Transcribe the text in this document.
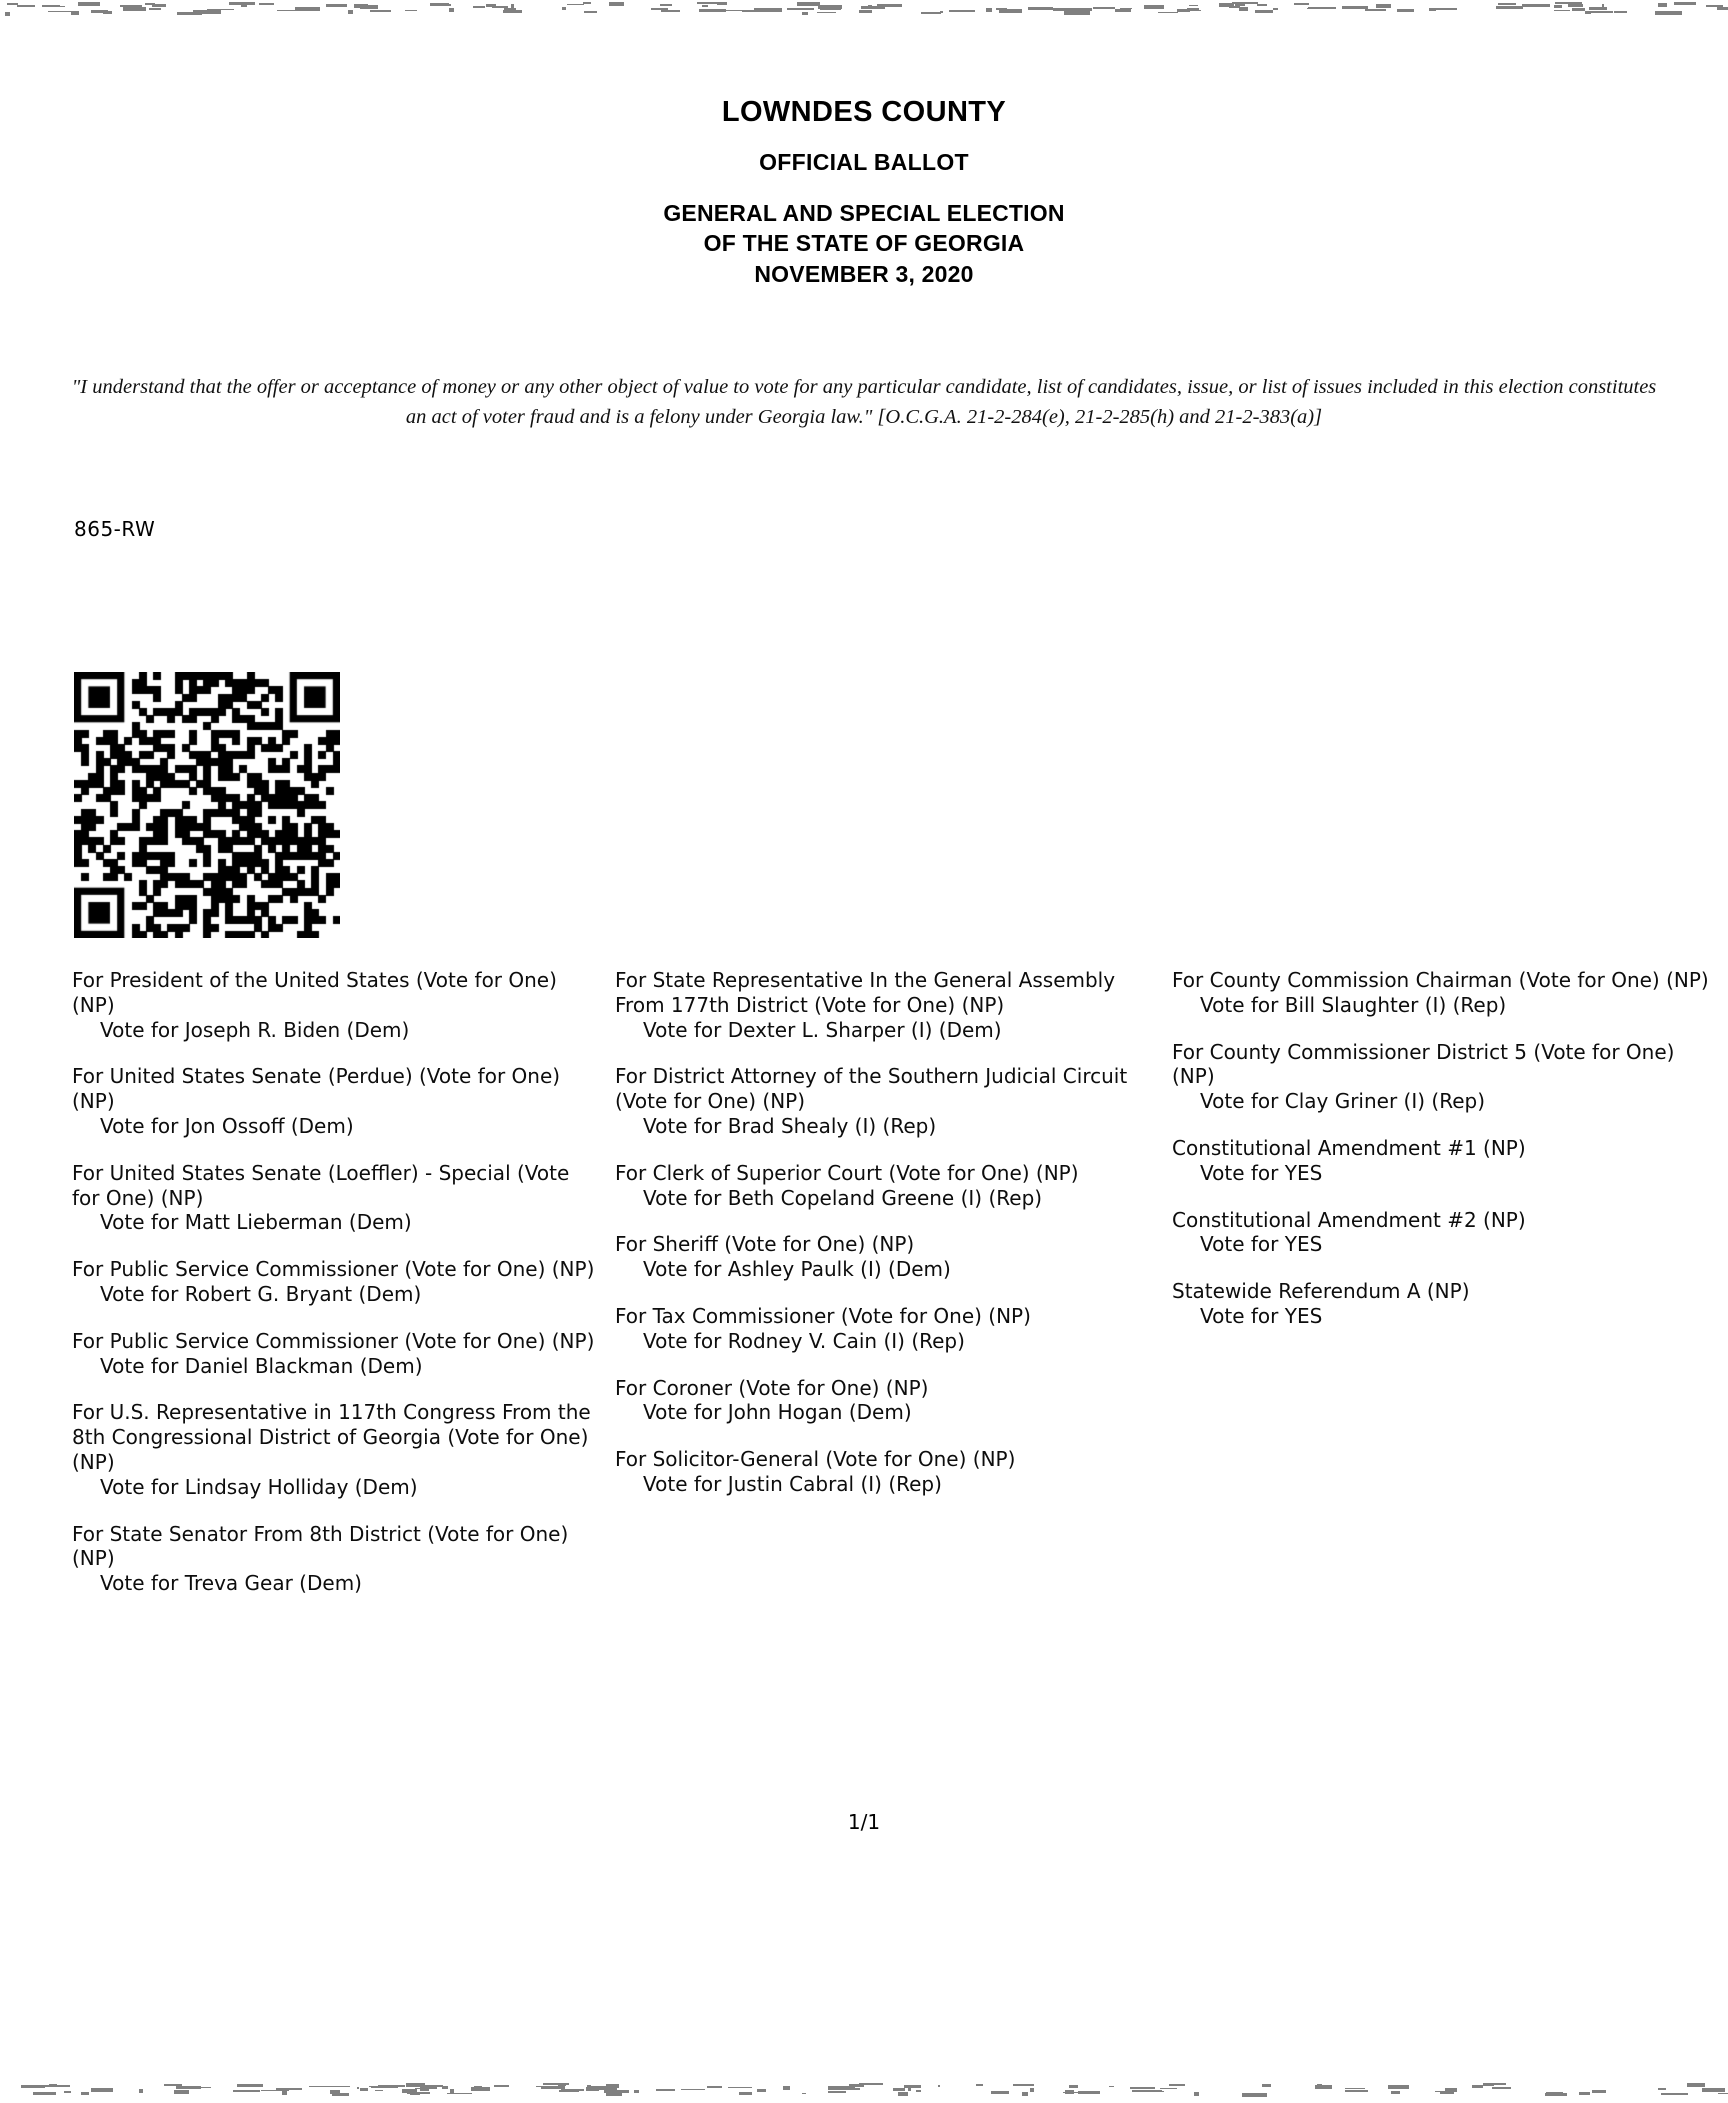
LOWNDES COUNTY
OFFICIAL BALLOT
GENERAL AND SPECIAL ELECTION
OF THE STATE OF GEORGIA
NOVEMBER 3, 2020
"I understand that the offer or acceptance of money or any other object of value to vote for any particular candidate, list of candidates, issue, or list of issues included in this election constitutes an act of voter fraud and is a felony under Georgia law." [O.C.G.A. 21-2-284(e), 21-2-285(h) and 21-2-383(a)]
865-RW
For President of the United States (Vote for One) (NP)
Vote for Joseph R. Biden (Dem)
For United States Senate (Perdue) (Vote for One) (NP)
Vote for Jon Ossoff (Dem)
For United States Senate (Loeffler) - Special (Vote for One) (NP)
Vote for Matt Lieberman (Dem)
For Public Service Commissioner (Vote for One) (NP)
Vote for Robert G. Bryant (Dem)
For Public Service Commissioner (Vote for One) (NP)
Vote for Daniel Blackman (Dem)
For U.S. Representative in 117th Congress From the 8th Congressional District of Georgia (Vote for One) (NP)
Vote for Lindsay Holliday (Dem)
For State Senator From 8th District (Vote for One) (NP)
Vote for Treva Gear (Dem)
For State Representative In the General Assembly From 177th District (Vote for One) (NP)
Vote for Dexter L. Sharper (I) (Dem)
For District Attorney of the Southern Judicial Circuit (Vote for One) (NP)
Vote for Brad Shealy (I) (Rep)
For Clerk of Superior Court (Vote for One) (NP)
Vote for Beth Copeland Greene (I) (Rep)
For Sheriff (Vote for One) (NP)
Vote for Ashley Paulk (I) (Dem)
For Tax Commissioner (Vote for One) (NP)
Vote for Rodney V. Cain (I) (Rep)
For Coroner (Vote for One) (NP)
Vote for John Hogan (Dem)
For Solicitor-General (Vote for One) (NP)
Vote for Justin Cabral (I) (Rep)
For County Commission Chairman (Vote for One) (NP)
Vote for Bill Slaughter (I) (Rep)
For County Commissioner District 5 (Vote for One) (NP)
Vote for Clay Griner (I) (Rep)
Constitutional Amendment #1 (NP)
Vote for YES
Constitutional Amendment #2 (NP)
Vote for YES
Statewide Referendum A (NP)
Vote for YES
1/1
